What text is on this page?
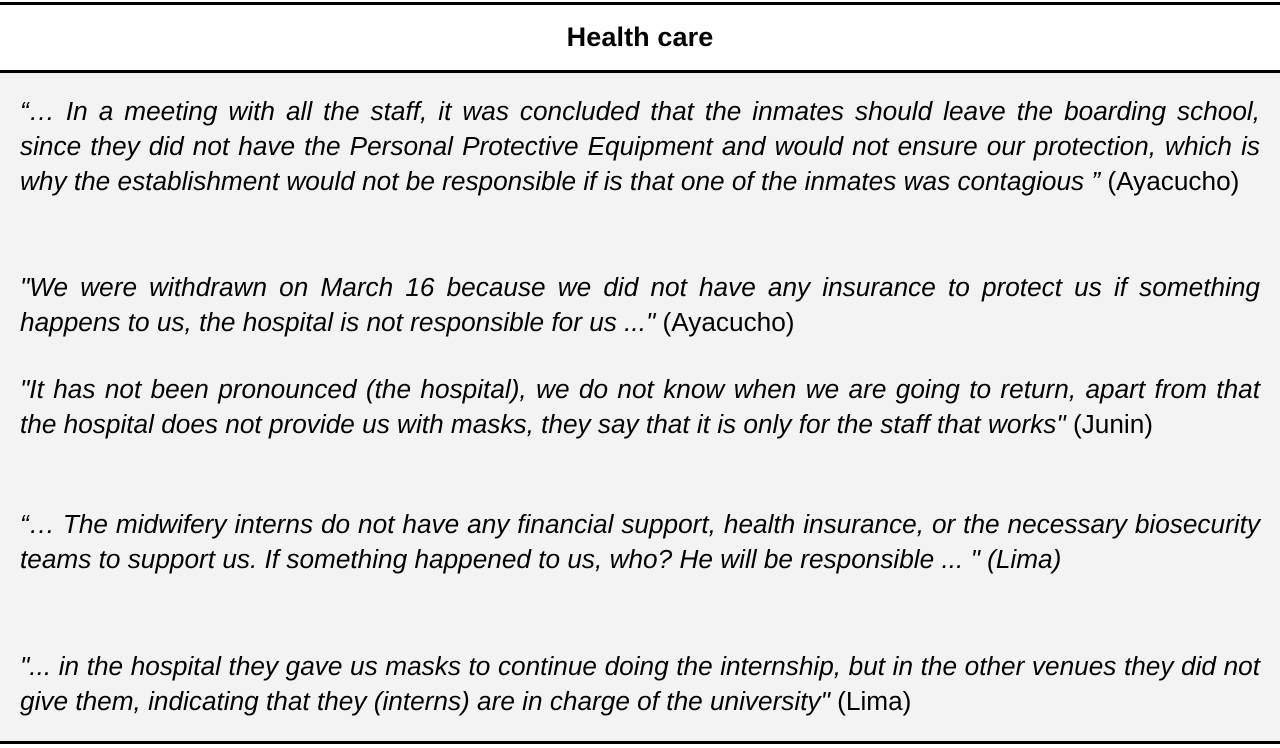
Health care

“… In a meeting with all the staff, it was concluded that the inmates should leave the boarding school, since they did not have the Personal Protective Equipment and would not ensure our protection, which is why the establishment would not be responsible if is that one of the inmates was contagious ” (Ayacucho)

"We were withdrawn on March 16 because we did not have any insurance to protect us if something happens to us, the hospital is not responsible for us ..." (Ayacucho)

"It has not been pronounced (the hospital), we do not know when we are going to return, apart from that the hospital does not provide us with masks, they say that it is only for the staff that works" (Junin)

“… The midwifery interns do not have any financial support, health insurance, or the necessary biosecurity teams to support us. If something happened to us, who? He will be responsible ... " (Lima)

"... in the hospital they gave us masks to continue doing the internship, but in the other venues they did not give them, indicating that they (interns) are in charge of the university" (Lima)
